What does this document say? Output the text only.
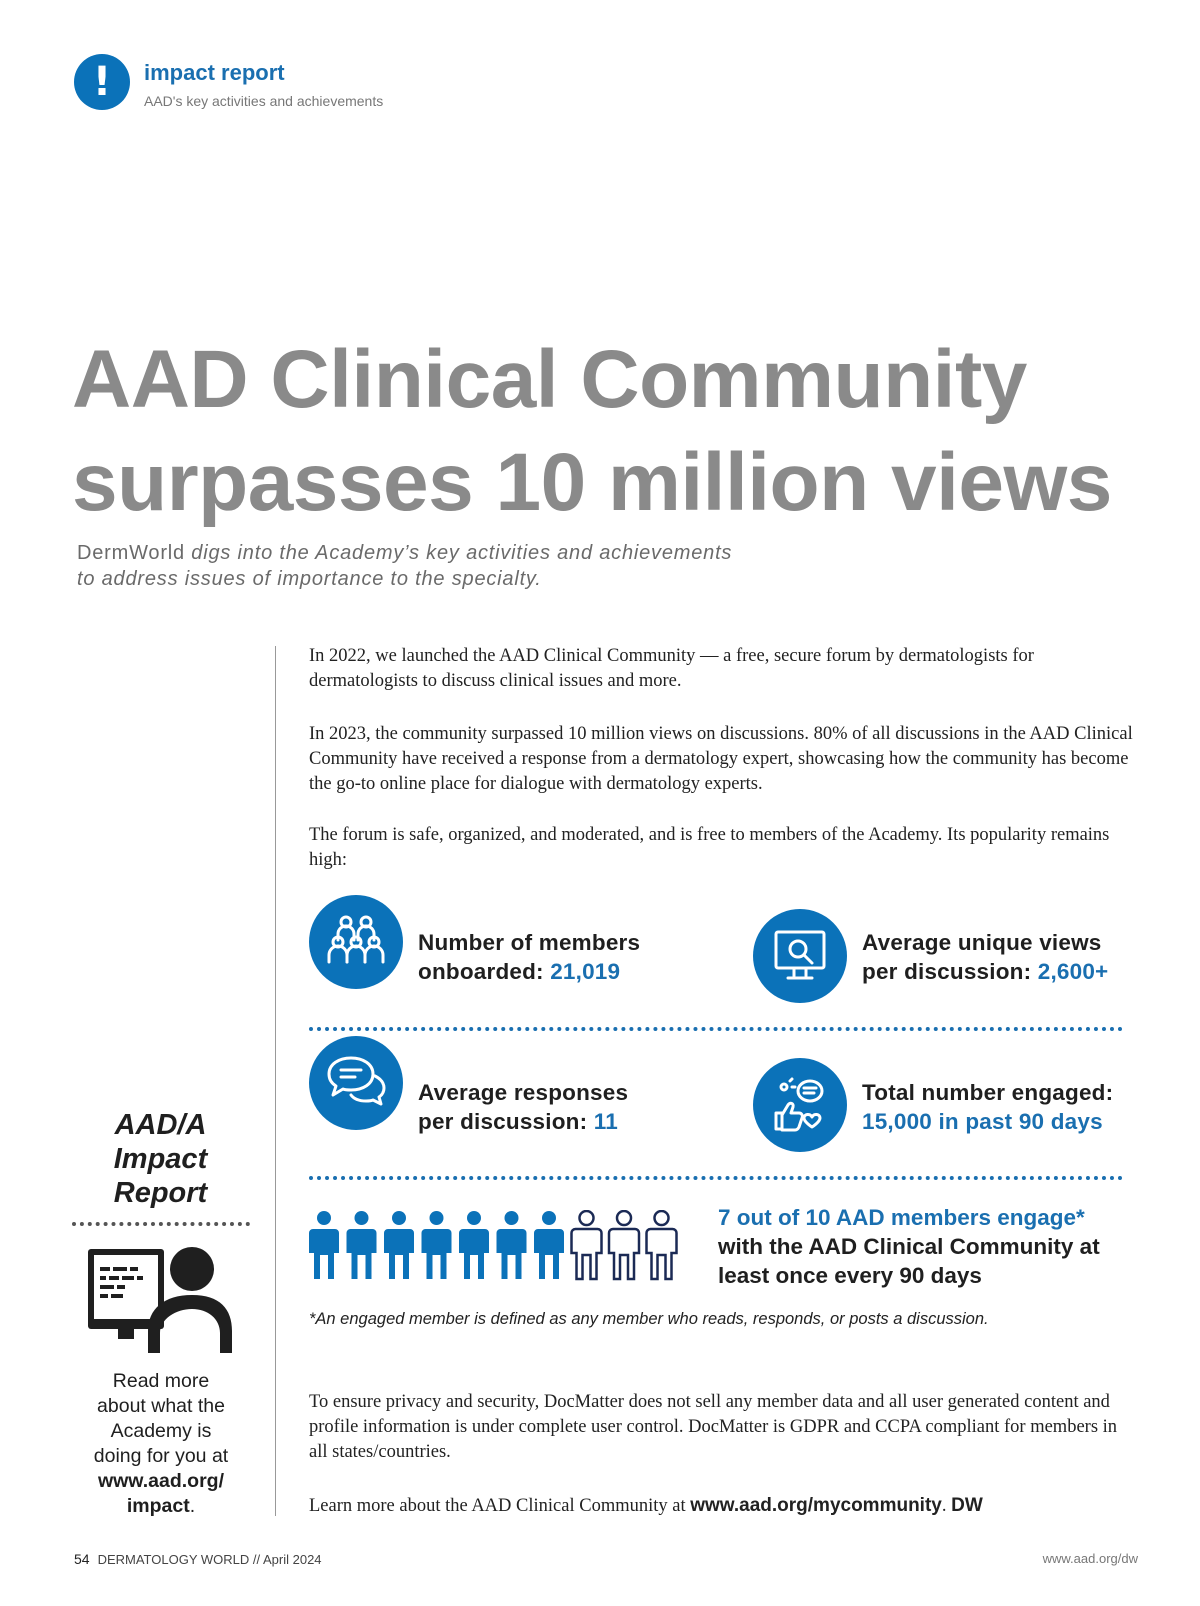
! impact report
AAD's key activities and achievements
AAD Clinical Community
surpasses 10 million views
DermWorld digs into the Academy’s key activities and achievements
to address issues of importance to the specialty.
In 2022, we launched the AAD Clinical Community — a free, secure forum by dermatologists for dermatologists to discuss clinical issues and more.
In 2023, the community surpassed 10 million views on discussions. 80% of all discussions in the AAD Clinical Community have received a response from a dermatology expert, showcasing how the community has become the go-to online place for dialogue with dermatology experts.
The forum is safe, organized, and moderated, and is free to members of the Academy. Its popularity remains high:
Number of members
onboarded: 21,019
Average unique views
per discussion: 2,600+
Average responses
per discussion: 11
Total number engaged:
15,000 in past 90 days
7 out of 10 AAD members engage*
with the AAD Clinical Community at
least once every 90 days
*An engaged member is defined as any member who reads, responds, or posts a discussion.
To ensure privacy and security, DocMatter does not sell any member data and all user generated content and profile information is under complete user control. DocMatter is GDPR and CCPA compliant for members in all states/countries.
Learn more about the AAD Clinical Community at www.aad.org/mycommunity. DW
AAD/A
Impact
Report
Read more
about what the
Academy is
doing for you at
www.aad.org/
impact.
54 DERMATOLOGY WORLD // April 2024	www.aad.org/dw
